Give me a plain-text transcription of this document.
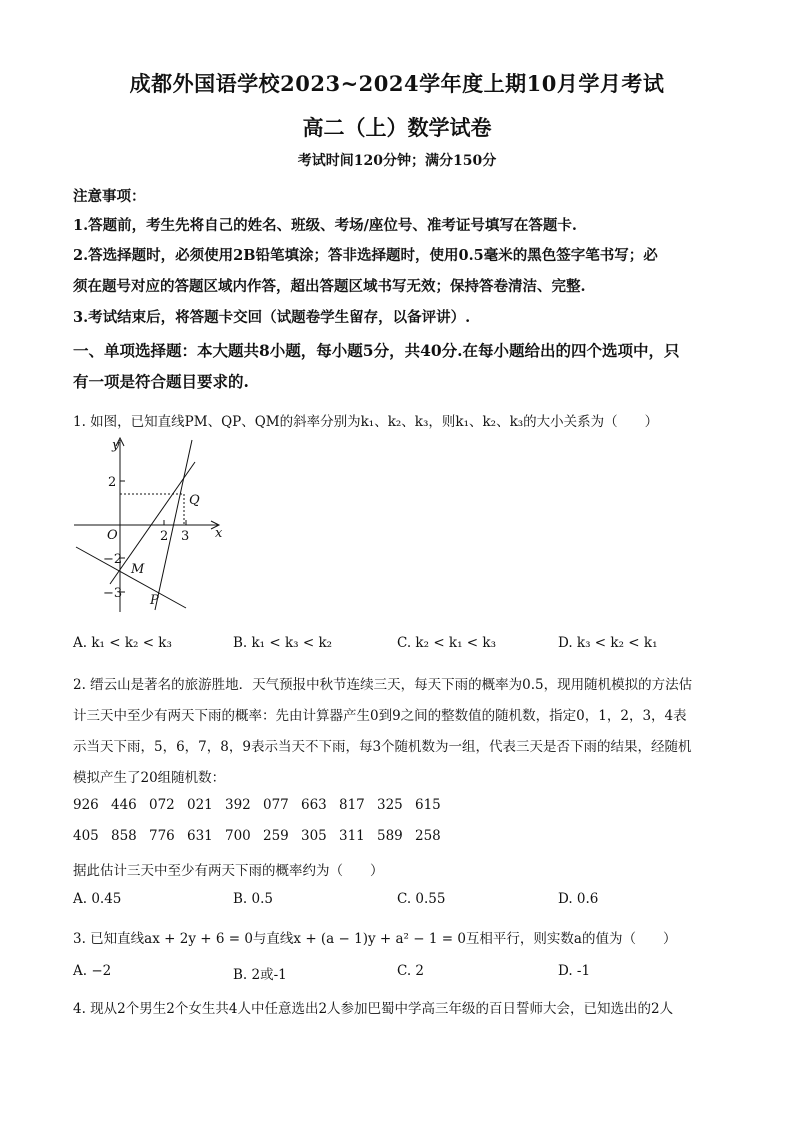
成都外国语学校2023~2024学年度上期10月学月考试
高二（上）数学试卷
考试时间120分钟；满分150分
注意事项：
1.答题前，考生先将自己的姓名、班级、考场/座位号、准考证号填写在答题卡.
2.答选择题时，必须使用2B铅笔填涂；答非选择题时，使用0.5毫米的黑色签字笔书写；必
须在题号对应的答题区域内作答，超出答题区域书写无效；保持答卷清洁、完整.
3.考试结束后，将答题卡交回（试题卷学生留存，以备评讲）.
一、单项选择题：本大题共8小题，每小题5分，共40分.在每小题给出的四个选项中，只
有一项是符合题目要求的.
1. 如图，已知直线PM、QP、QM的斜率分别为k₁、k₂、k₃，则k₁、k₂、k₃的大小关系为（　　）
y
x
O
2
−2
−3
2 3
Q
M
P
A. k₁ < k₂ < k₃	B. k₁ < k₃ < k₂	C. k₂ < k₁ < k₃	D. k₃ < k₂ < k₁
2. 缙云山是著名的旅游胜地．天气预报中秋节连续三天，每天下雨的概率为0.5，现用随机模拟的方法估
计三天中至少有两天下雨的概率：先由计算器产生0到9之间的整数值的随机数，指定0，1，2，3，4表
示当天下雨，5，6，7，8，9表示当天不下雨，每3个随机数为一组，代表三天是否下雨的结果，经随机
模拟产生了20组随机数：
926 446 072 021 392 077 663 817 325 615
405 858 776 631 700 259 305 311 589 258
据此估计三天中至少有两天下雨的概率约为（　　）
A. 0.45	B. 0.5	C. 0.55	D. 0.6
3. 已知直线ax + 2y + 6 = 0与直线x + (a − 1)y + a² − 1 = 0互相平行，则实数a的值为（　　）
A. −2	B. 2或-1	C. 2	D. -1
4. 现从2个男生2个女生共4人中任意选出2人参加巴蜀中学高三年级的百日誓师大会，已知选出的2人
